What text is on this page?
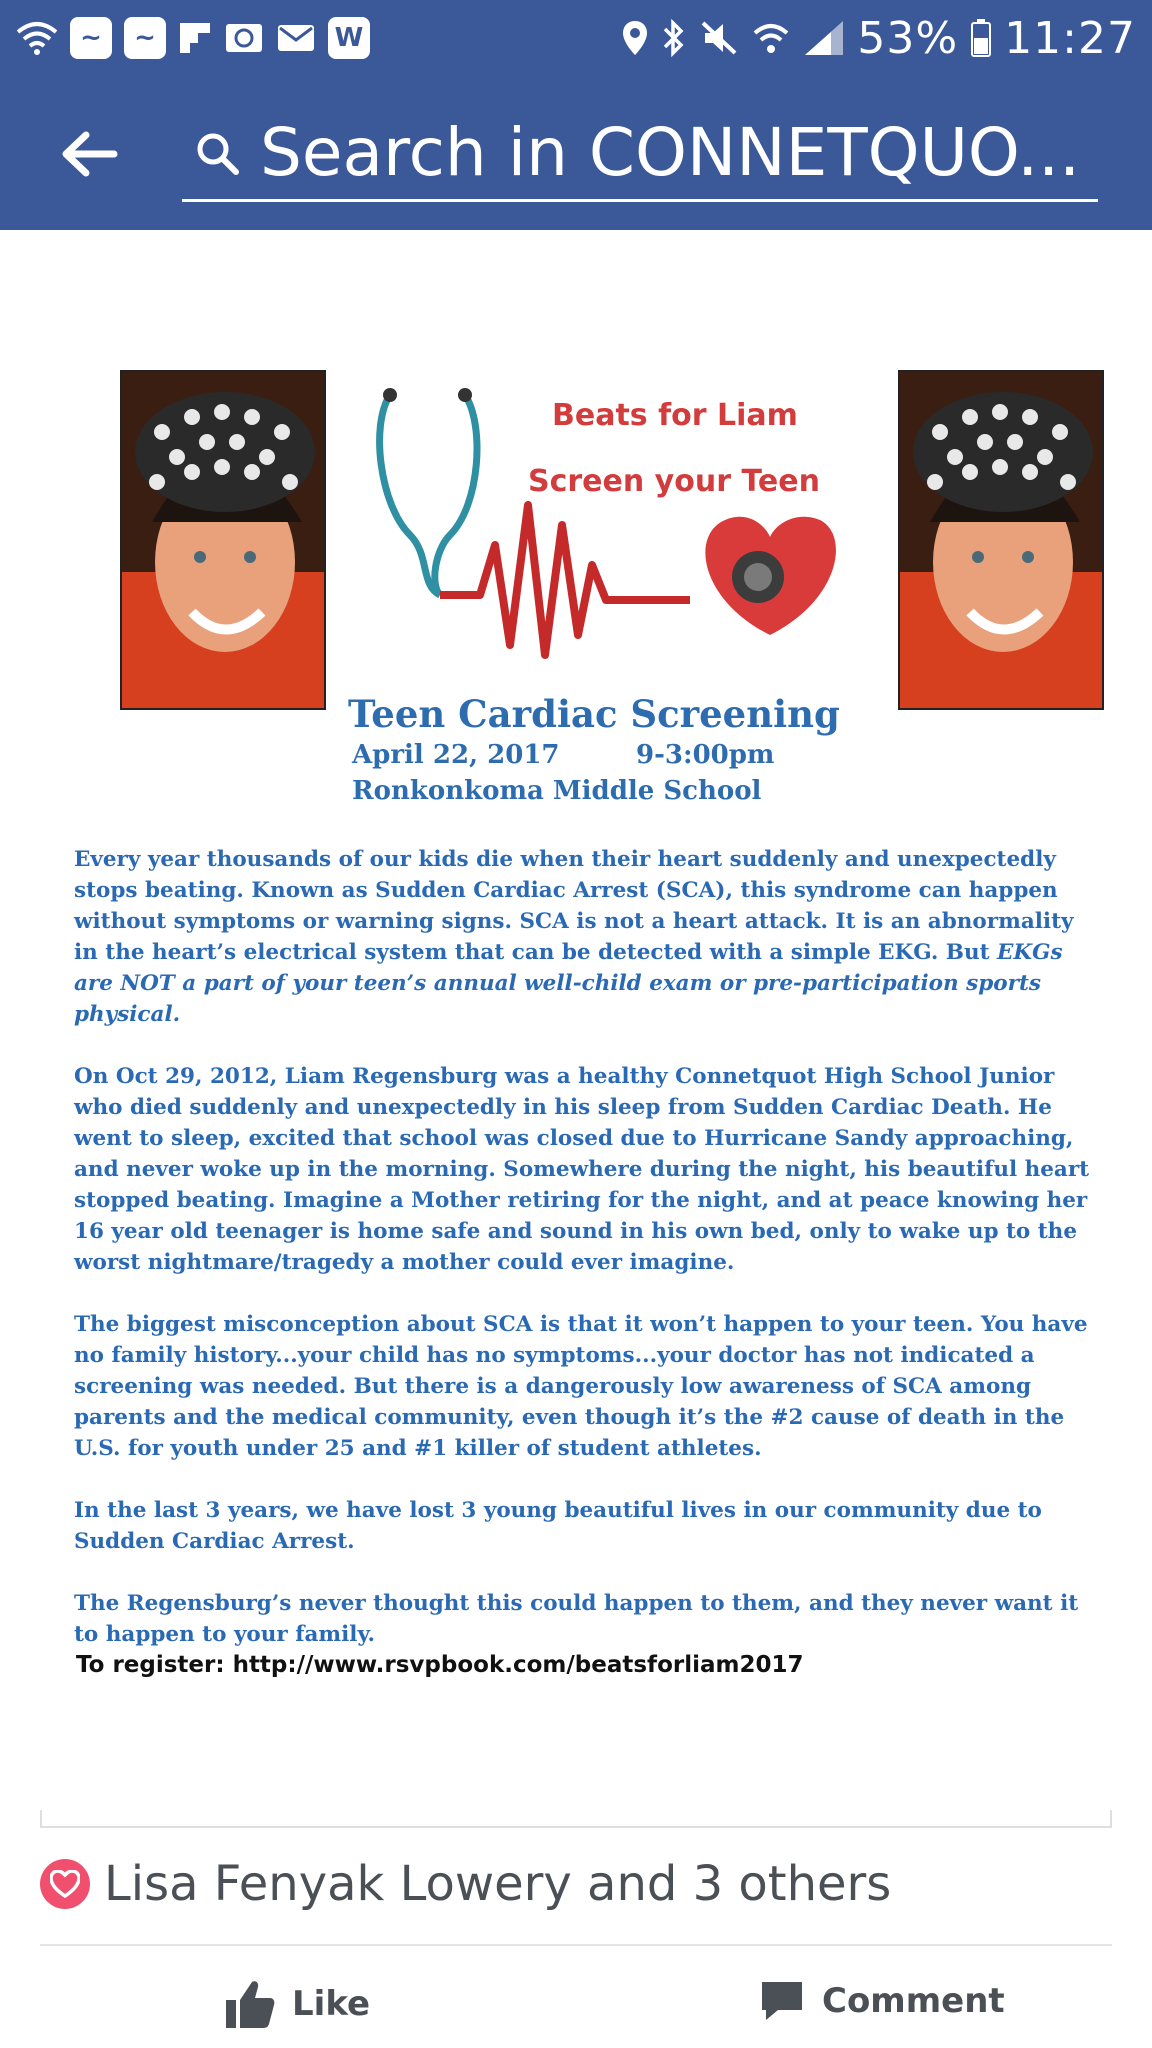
~	~	W	53% 11:27
Search in CONNETQUO...
Beats for Liam
Screen your Teen
Teen Cardiac Screening
April 22, 2017	9-3:00pm
Ronkonkoma Middle School

Every year thousands of our kids die when their heart suddenly and unexpectedly stops beating. Known as Sudden Cardiac Arrest (SCA), this syndrome can happen without symptoms or warning signs. SCA is not a heart attack. It is an abnormality in the heart’s electrical system that can be detected with a simple EKG. But EKGs are NOT a part of your teen’s annual well-child exam or pre-participation sports physical.

On Oct 29, 2012, Liam Regensburg was a healthy Connetquot High School Junior who died suddenly and unexpectedly in his sleep from Sudden Cardiac Death. He went to sleep, excited that school was closed due to Hurricane Sandy approaching, and never woke up in the morning. Somewhere during the night, his beautiful heart stopped beating. Imagine a Mother retiring for the night, and at peace knowing her 16 year old teenager is home safe and sound in his own bed, only to wake up to the worst nightmare/tragedy a mother could ever imagine.

The biggest misconception about SCA is that it won’t happen to your teen. You have no family history...your child has no symptoms...your doctor has not indicated a screening was needed. But there is a dangerously low awareness of SCA among parents and the medical community, even though it’s the #2 cause of death in the U.S. for youth under 25 and #1 killer of student athletes.

In the last 3 years, we have lost 3 young beautiful lives in our community due to Sudden Cardiac Arrest.

The Regensburg’s never thought this could happen to them, and they never want it to happen to your family.

To register: http://www.rsvpbook.com/beatsforliam2017
Lisa Fenyak Lowery and 3 others
Like	Comment
